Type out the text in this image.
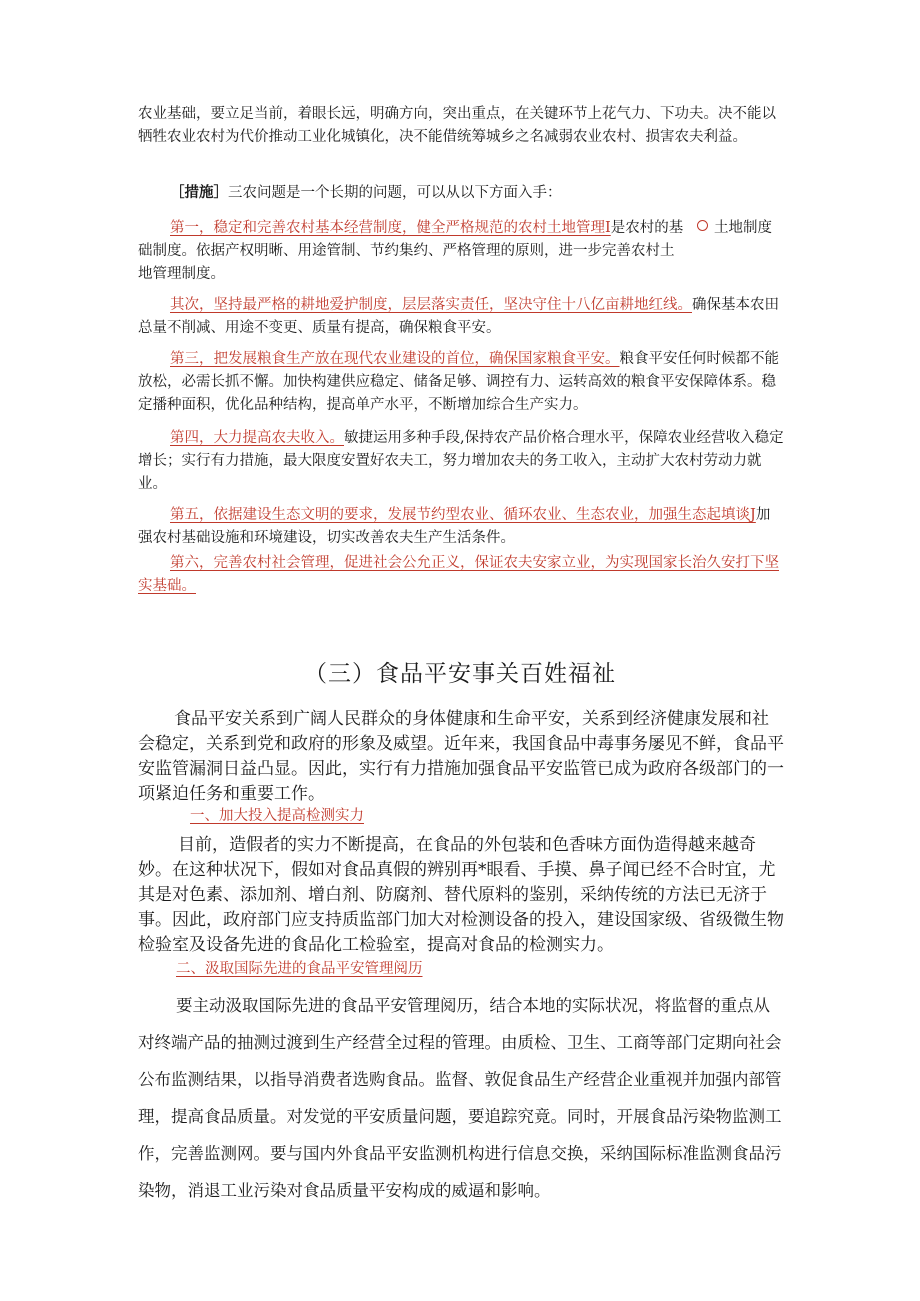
农业基础，要立足当前，着眼长远，明确方向，突出重点，在关键环节上花气力、下功夫。决不能以牺牲农业农村为代价推动工业化城镇化，决不能借统筹城乡之名减弱农业农村、损害农夫利益。

［措施］三农问题是一个长期的问题，可以从以下方面入手：

第一，稳定和完善农村基本经营制度，健全严格规范的农村土地管理Ⅰ是农村的基础制度。依据产权明晰、用途管制、节约集约、严格管理的原则，进一步完善农村土地管理制度。

土地制度

其次，坚持最严格的耕地爱护制度，层层落实责任，坚决守住十八亿亩耕地红线。确保基本农田总量不削减、用途不变更、质量有提高，确保粮食平安。

第三，把发展粮食生产放在现代农业建设的首位，确保国家粮食平安。粮食平安任何时候都不能放松，必需长抓不懈。加快构建供应稳定、储备足够、调控有力、运转高效的粮食平安保障体系。稳定播种面积，优化品种结构，提高单产水平，不断增加综合生产实力。

第四，大力提高农夫收入。敏捷运用多种手段,保持农产品价格合理水平，保障农业经营收入稳定增长；实行有力措施，最大限度安置好农夫工，努力增加农夫的务工收入，主动扩大农村劳动力就业。

第五，依据建设生态文明的要求，发展节约型农业、循环农业、生态农业，加强生态起填谈J加强农村基础设施和环境建设，切实改善农夫生产生活条件。

第六，完善农村社会管理，促进社会公允正义，保证农夫安家立业，为实现国家长治久安打下坚实基础。

（三）食品平安事关百姓福祉

食品平安关系到广阔人民群众的身体健康和生命平安，关系到经济健康发展和社会稳定，关系到党和政府的形象及威望。近年来，我国食品中毒事务屡见不鲜，食品平安监管漏洞日益凸显。因此，实行有力措施加强食品平安监管已成为政府各级部门的一项紧迫任务和重要工作。

一、加大投入提高检测实力

目前，造假者的实力不断提高，在食品的外包装和色香味方面伪造得越来越奇妙。在这种状况下，假如对食品真假的辨别再*眼看、手摸、鼻子闻已经不合时宜，尤其是对色素、添加剂、增白剂、防腐剂、替代原料的鉴别，采纳传统的方法已无济于事。因此，政府部门应支持质监部门加大对检测设备的投入，建设国家级、省级微生物检验室及设备先进的食品化工检验室，提高对食品的检测实力。

二、汲取国际先进的食品平安管理阅历

要主动汲取国际先进的食品平安管理阅历，结合本地的实际状况，将监督的重点从对终端产品的抽测过渡到生产经营全过程的管理。由质检、卫生、工商等部门定期向社会公布监测结果，以指导消费者选购食品。监督、敦促食品生产经营企业重视并加强内部管理，提高食品质量。对发觉的平安质量问题，要追踪究竟。同时，开展食品污染物监测工作，完善监测网。要与国内外食品平安监测机构进行信息交换，采纳国际标准监测食品污染物，消退工业污染对食品质量平安构成的威逼和影响。
